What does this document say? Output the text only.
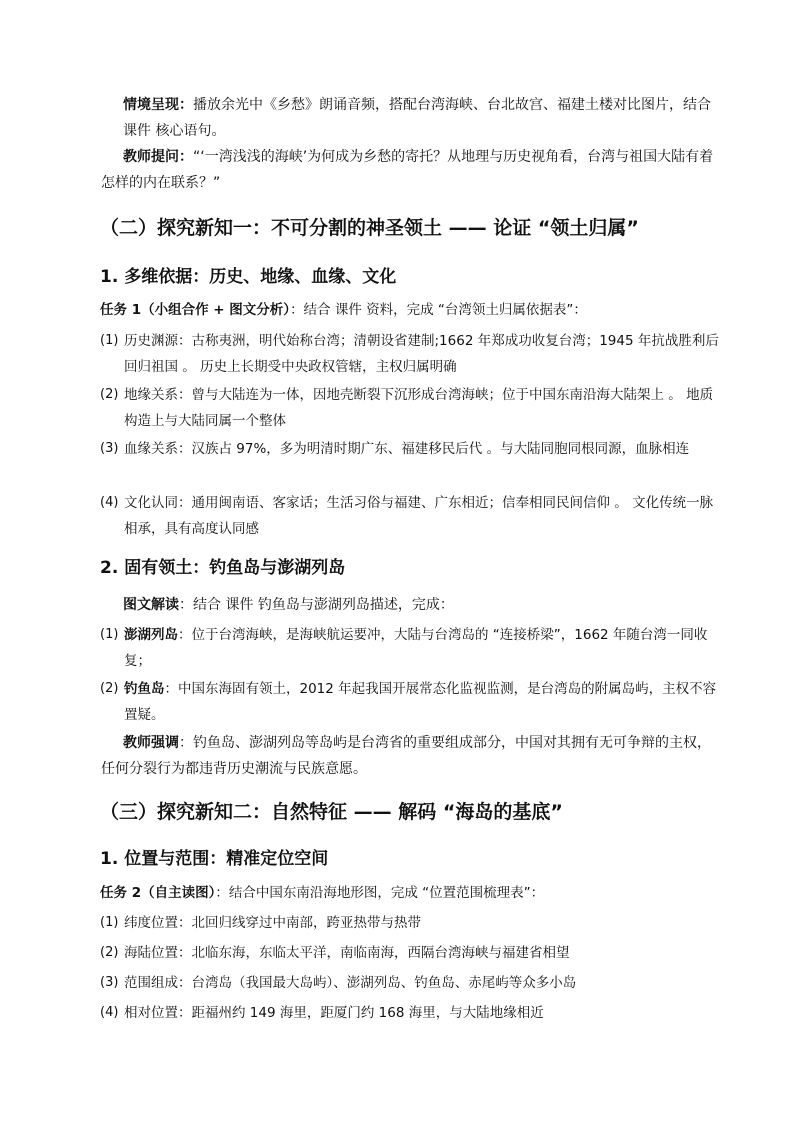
情境呈现：播放余光中《乡愁》朗诵音频，搭配台湾海峡、台北故宫、福建土楼对比图片，结合 课件 核心语句。

教师提问：“‘一湾浅浅的海峡’为何成为乡愁的寄托？从地理与历史视角看，台湾与祖国大陆有着怎样的内在联系？”

（二）探究新知一：不可分割的神圣领土 —— 论证 “领土归属”

1. 多维依据：历史、地缘、血缘、文化

任务 1（小组合作 + 图文分析）：结合 课件 资料，完成 “台湾领土归属依据表”：

(1) 历史渊源：古称夷洲，明代始称台湾；清朝设省建制;1662 年郑成功收复台湾；1945 年抗战胜利后回归祖国 。 历史上长期受中央政权管辖，主权归属明确

(2) 地缘关系：曾与大陆连为一体，因地壳断裂下沉形成台湾海峡；位于中国东南沿海大陆架上 。 地质构造上与大陆同属一个整体

(3) 血缘关系：汉族占 97%，多为明清时期广东、福建移民后代 。与大陆同胞同根同源，血脉相连

(4) 文化认同：通用闽南语、客家话；生活习俗与福建、广东相近；信奉相同民间信仰 。 文化传统一脉相承，具有高度认同感

2. 固有领土：钓鱼岛与澎湖列岛

图文解读：结合 课件 钓鱼岛与澎湖列岛描述，完成：

(1) 澎湖列岛：位于台湾海峡，是海峡航运要冲，大陆与台湾岛的 “连接桥梁”，1662 年随台湾一同收复；

(2) 钓鱼岛：中国东海固有领土，2012 年起我国开展常态化监视监测，是台湾岛的附属岛屿，主权不容置疑。

教师强调：钓鱼岛、澎湖列岛等岛屿是台湾省的重要组成部分，中国对其拥有无可争辩的主权，任何分裂行为都违背历史潮流与民族意愿。

（三）探究新知二：自然特征 —— 解码 “海岛的基底”

1. 位置与范围：精准定位空间

任务 2（自主读图）：结合中国东南沿海地形图，完成 “位置范围梳理表”：

(1) 纬度位置：北回归线穿过中南部，跨亚热带与热带

(2) 海陆位置：北临东海，东临太平洋，南临南海，西隔台湾海峡与福建省相望

(3) 范围组成：台湾岛（我国最大岛屿）、澎湖列岛、钓鱼岛、赤尾屿等众多小岛

(4) 相对位置：距福州约 149 海里，距厦门约 168 海里，与大陆地缘相近
